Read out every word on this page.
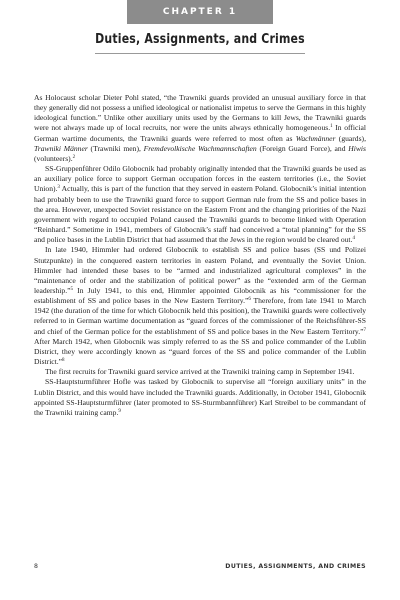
CHAPTER 1
Duties, Assignments, and Crimes

As Holocaust scholar Dieter Pohl stated, “the Trawniki guards provided an unusual auxiliary force in that they generally did not possess a unified ideological or nationalist impetus to serve the Germans in this highly ideological function.” Unlike other auxiliary units used by the Germans to kill Jews, the Trawniki guards were not always made up of local recruits, nor were the units always ethnically homogeneous.$^1$ In official German wartime documents, the Trawniki guards were referred to most often as Wachmänner (guards), Trawniki Männer (Trawniki men), Fremdevolkische Wachmannschaften (Foreign Guard Force), and Hiwis (volunteers).$^2$

SS-Gruppenführer Odilo Globocnik had probably originally intended that the Trawniki guards be used as an auxiliary police force to support German occupation forces in the eastern territories (i.e., the Soviet Union).$^3$ Actually, this is part of the function that they served in eastern Poland. Globocnik’s initial intention had probably been to use the Trawniki guard force to support German rule from the SS and police bases in the area. However, unexpected Soviet resistance on the Eastern Front and the changing priorities of the Nazi government with regard to occupied Poland caused the Trawniki guards to become linked with Operation “Reinhard.” Sometime in 1941, members of Globocnik’s staff had conceived a “total planning” for the SS and police bases in the Lublin District that had assumed that the Jews in the region would be cleared out.$^4$

In late 1940, Himmler had ordered Globocnik to establish SS and police bases (SS und Polizei Stutzpunkte) in the conquered eastern territories in eastern Poland, and eventually the Soviet Union. Himmler had intended these bases to be “armed and industrialized agricultural complexes” in the “maintenance of order and the stabilization of political power” as the “extended arm of the German leadership.”$^5$ In July 1941, to this end, Himmler appointed Globocnik as his “commissioner for the establishment of SS and police bases in the New Eastern Territory.”$^6$ Therefore, from late 1941 to March 1942 (the duration of the time for which Globocnik held this position), the Trawniki guards were collectively referred to in German wartime documentation as “guard forces of the commissioner of the Reichsführer-SS and chief of the German police for the establishment of SS and police bases in the New Eastern Territory.”$^7$ After March 1942, when Globocnik was simply referred to as the SS and police commander of the Lublin District, they were accordingly known as “guard forces of the SS and police commander of the Lublin District.”$^8$

The first recruits for Trawniki guard service arrived at the Trawniki training camp in September 1941.

SS-Hauptsturmführer Hofle was tasked by Globocnik to supervise all “foreign auxiliary units” in the Lublin District, and this would have included the Trawniki guards. Additionally, in October 1941, Globocnik appointed SS-Hauptsturmführer (later promoted to SS-Sturmbannführer) Karl Streibel to be commandant of the Trawniki training camp.$^9$

8	DUTIES, ASSIGNMENTS, AND CRIMES
